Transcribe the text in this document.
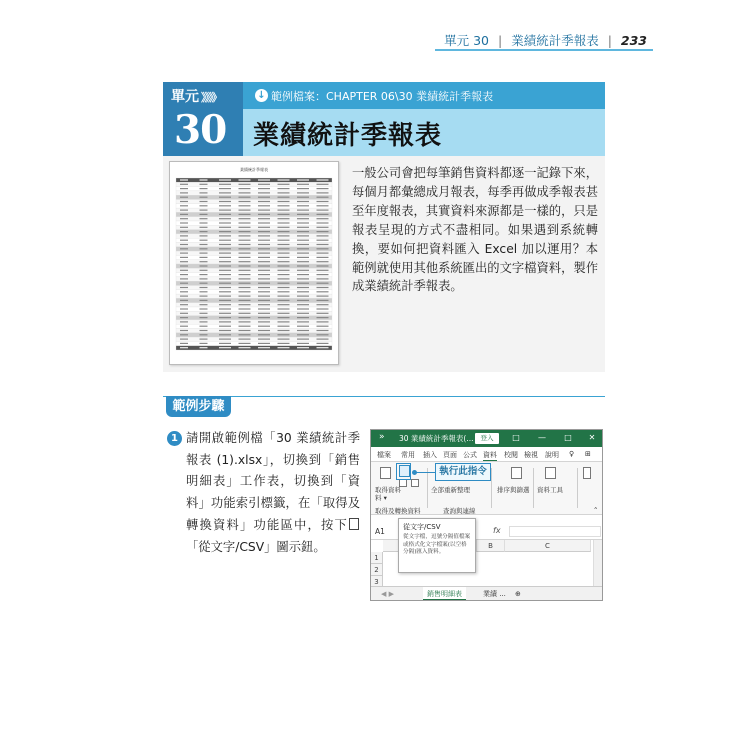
單元 30 | 業績統計季報表 | 233
單元 》》》》
30
↓ 範例檔案：CHAPTER 06\30 業績統計季報表
業績統計季報表
業績統計季報表	一般公司會把每筆銷售資料都逐一記錄下來，每個月都彙總成月報表，每季再做成季報表甚至年度報表，其實資料來源都是一樣的，只是報表呈現的方式不盡相同。如果遇到系統轉換，要如何把資料匯入 Excel 加以運用？本範例就使用其他系統匯出的文字檔資料，製作成業績統計季報表。
範例步驟
1 請開啟範例檔「30 業績統計季報表 (1).xlsx」，切換到「銷售明細表」工作表，切換到「資料」功能索引標籤，在「取得及轉換資料」功能區中，按下「從文字/CSV」圖示鈕。
» 30 業績統計季報表(...	登入	□ — □ ✕
檔案 常用 插入 頁面 公式 資料 校閱 檢視 說明 ♀ ⊞
取得資料
料 ▾
全部重新整理	排序與篩選 資料工具
取得及轉換資料	查詢與連線	⌃
A1	fx
B	C
1
2
3
◀ ▶	銷售明細表	業績 ... ⊕
執行此指令
從文字/CSV
從文字檔，逗號分隔值檔案或格式化文字檔案(以空格分隔)匯入資料。
